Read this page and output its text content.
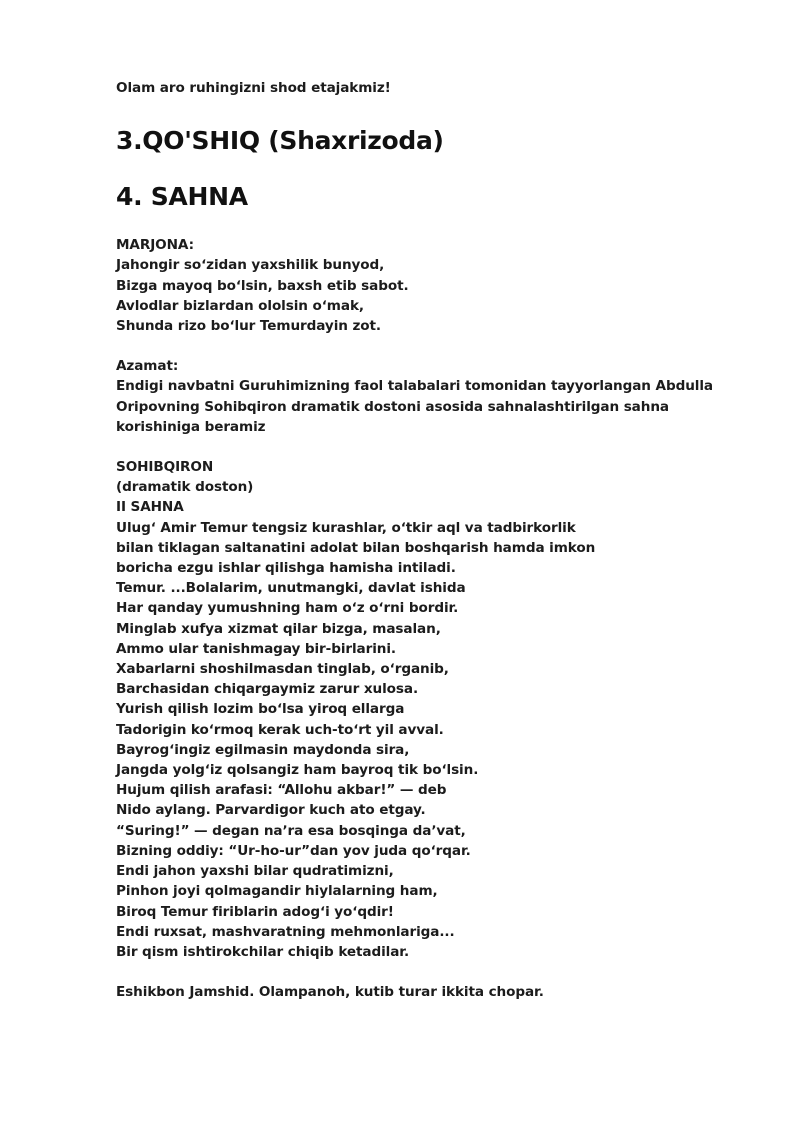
Olam aro ruhingizni shod etajakmiz!
3.QO'SHIQ (Shaxrizoda)
4. SAHNA
MARJONA:
Jahongir soʻzidan yaxshilik bunyod,
Bizga mayoq boʻlsin, baxsh etib sabot.
Avlodlar bizlardan ololsin oʻmak,
Shunda rizo boʻlur Temurdayin zot.
Azamat:
Endigi navbatni Guruhimizning faol talabalari tomonidan tayyorlangan Abdulla Oripovning Sohibqiron dramatik dostoni asosida sahnalashtirilgan sahna korishiniga beramiz
SOHIBQIRON
(dramatik doston)
II SAHNA
Ulugʻ Amir Temur tengsiz kurashlar, oʻtkir aql va tadbirkorlik
bilan tiklagan saltanatini adolat bilan boshqarish hamda imkon
boricha ezgu ishlar qilishga hamisha intiladi.
Temur. ...Bolalarim, unutmangki, davlat ishida
Har qanday yumushning ham oʻz oʻrni bordir.
Minglab xufya xizmat qilar bizga, masalan,
Ammo ular tanishmagay bir-birlarini.
Xabarlarni shoshilmasdan tinglab, oʻrganib,
Barchasidan chiqargaymiz zarur xulosa.
Yurish qilish lozim boʻlsa yiroq ellarga
Tadorigin koʻrmoq kerak uch-toʻrt yil avval.
Bayrogʻingiz egilmasin maydonda sira,
Jangda yolgʻiz qolsangiz ham bayroq tik boʻlsin.
Hujum qilish arafasi: “Allohu akbar!” — deb
Nido aylang. Parvardigor kuch ato etgay.
“Suring!” — degan naʼra esa bosqinga daʼvat,
Bizning oddiy: “Ur-ho-ur”dan yov juda qoʻrqar.
Endi jahon yaxshi bilar qudratimizni,
Pinhon joyi qolmagandir hiylalarning ham,
Biroq Temur firiblarin adogʻi yoʻqdir!
Endi ruxsat, mashvaratning mehmonlariga...
Bir qism ishtirokchilar chiqib ketadilar.
Eshikbon Jamshid. Olampanoh, kutib turar ikkita chopar.
